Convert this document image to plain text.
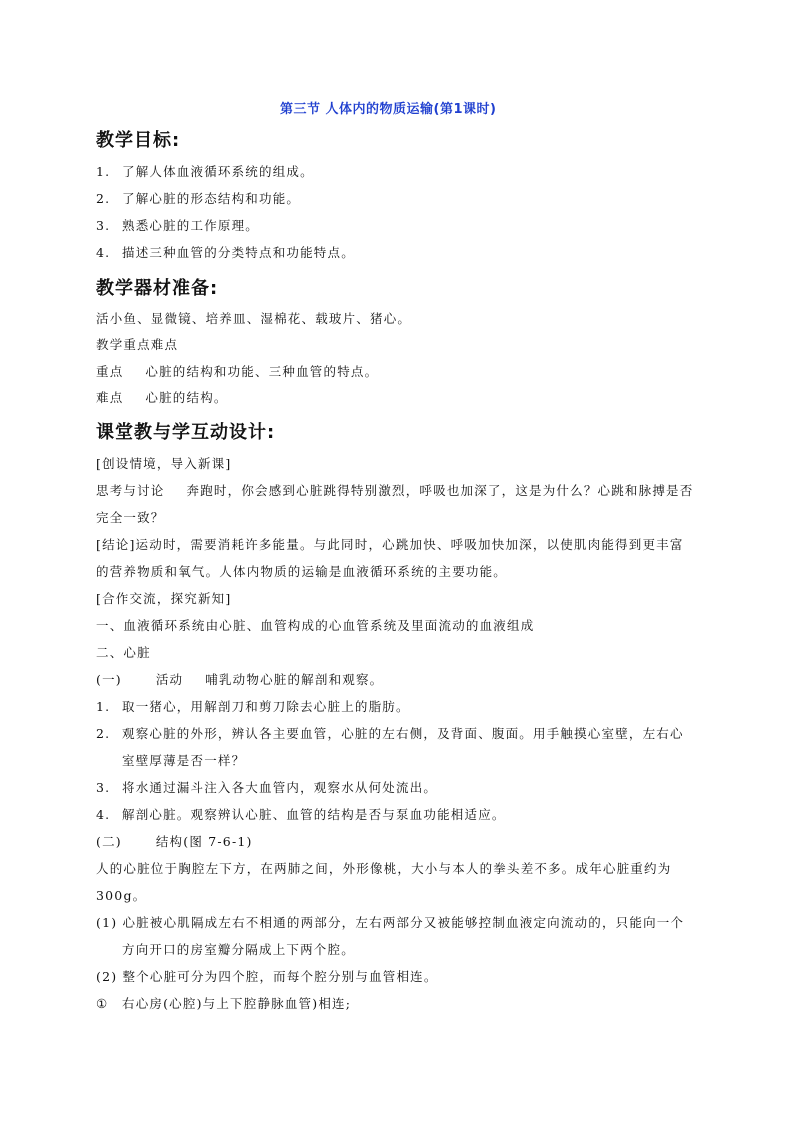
第三节 人体内的物质运输(第1课时)
教学目标:
1. 了解人体血液循环系统的组成。
2. 了解心脏的形态结构和功能。
3. 熟悉心脏的工作原理。
4. 描述三种血管的分类特点和功能特点。
教学器材准备:
活小鱼、显微镜、培养皿、湿棉花、载玻片、猪心。
教学重点难点
重点 心脏的结构和功能、三种血管的特点。
难点 心脏的结构。
课堂教与学互动设计:
[创设情境，导入新课]
思考与讨论 奔跑时，你会感到心脏跳得特别激烈，呼吸也加深了，这是为什么？心跳和脉搏是否
完全一致？
[结论]运动时，需要消耗许多能量。与此同时，心跳加快、呼吸加快加深，以使肌肉能得到更丰富
的营养物质和氧气。人体内物质的运输是血液循环系统的主要功能。
[合作交流，探究新知]
一、血液循环系统由心脏、血管构成的心血管系统及里面流动的血液组成
二、心脏
(一)	活动 哺乳动物心脏的解剖和观察。
1. 取一猪心，用解剖刀和剪刀除去心脏上的脂肪。
2. 观察心脏的外形，辨认各主要血管，心脏的左右侧，及背面、腹面。用手触摸心室壁，左右心
室壁厚薄是否一样？
3. 将水通过漏斗注入各大血管内，观察水从何处流出。
4. 解剖心脏。观察辨认心脏、血管的结构是否与泵血功能相适应。
(二)	结构(图 7-6-1)
人的心脏位于胸腔左下方，在两肺之间，外形像桃，大小与本人的拳头差不多。成年心脏重约为
300g。
(1) 心脏被心肌隔成左右不相通的两部分，左右两部分又被能够控制血液定向流动的，只能向一个
方向开口的房室瓣分隔成上下两个腔。
(2) 整个心脏可分为四个腔，而每个腔分别与血管相连。
① 右心房(心腔)与上下腔静脉血管)相连;
